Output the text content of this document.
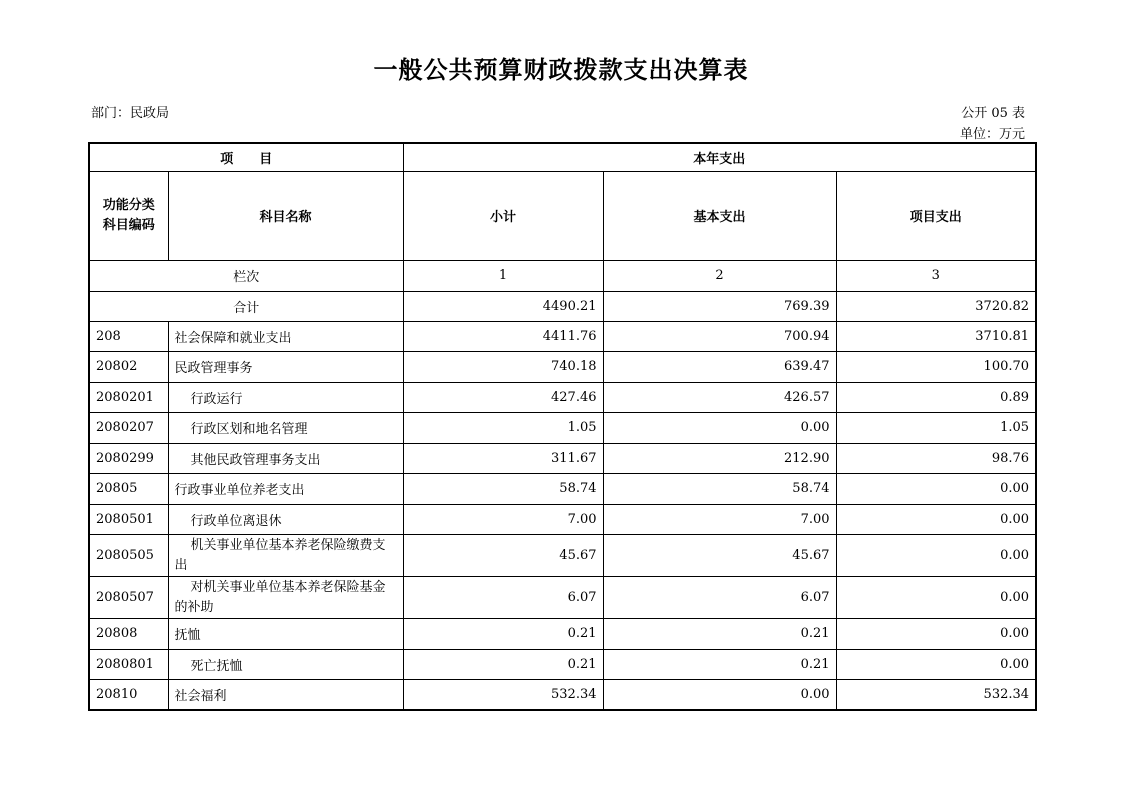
一般公共预算财政拨款支出决算表
部门：民政局	公开 05 表
单位：万元
项　　目		本年支出		
功能分类科目编码	科目名称	小计	基本支出	项目支出
栏次		1	2	3
合计		4490.21	769.39	3720.82
208	社会保障和就业支出	4411.76	700.94	3710.81
20802	民政管理事务	740.18	639.47	100.70
2080201	行政运行	427.46	426.57	0.89
2080207	行政区划和地名管理	1.05	0.00	1.05
2080299	其他民政管理事务支出	311.67	212.90	98.76
20805	行政事业单位养老支出	58.74	58.74	0.00
2080501	行政单位离退休	7.00	7.00	0.00
2080505	机关事业单位基本养老保险缴费支出	45.67	45.67	0.00
2080507	对机关事业单位基本养老保险基金的补助	6.07	6.07	0.00
20808	抚恤	0.21	0.21	0.00
2080801	死亡抚恤	0.21	0.21	0.00
20810	社会福利	532.34	0.00	532.34
